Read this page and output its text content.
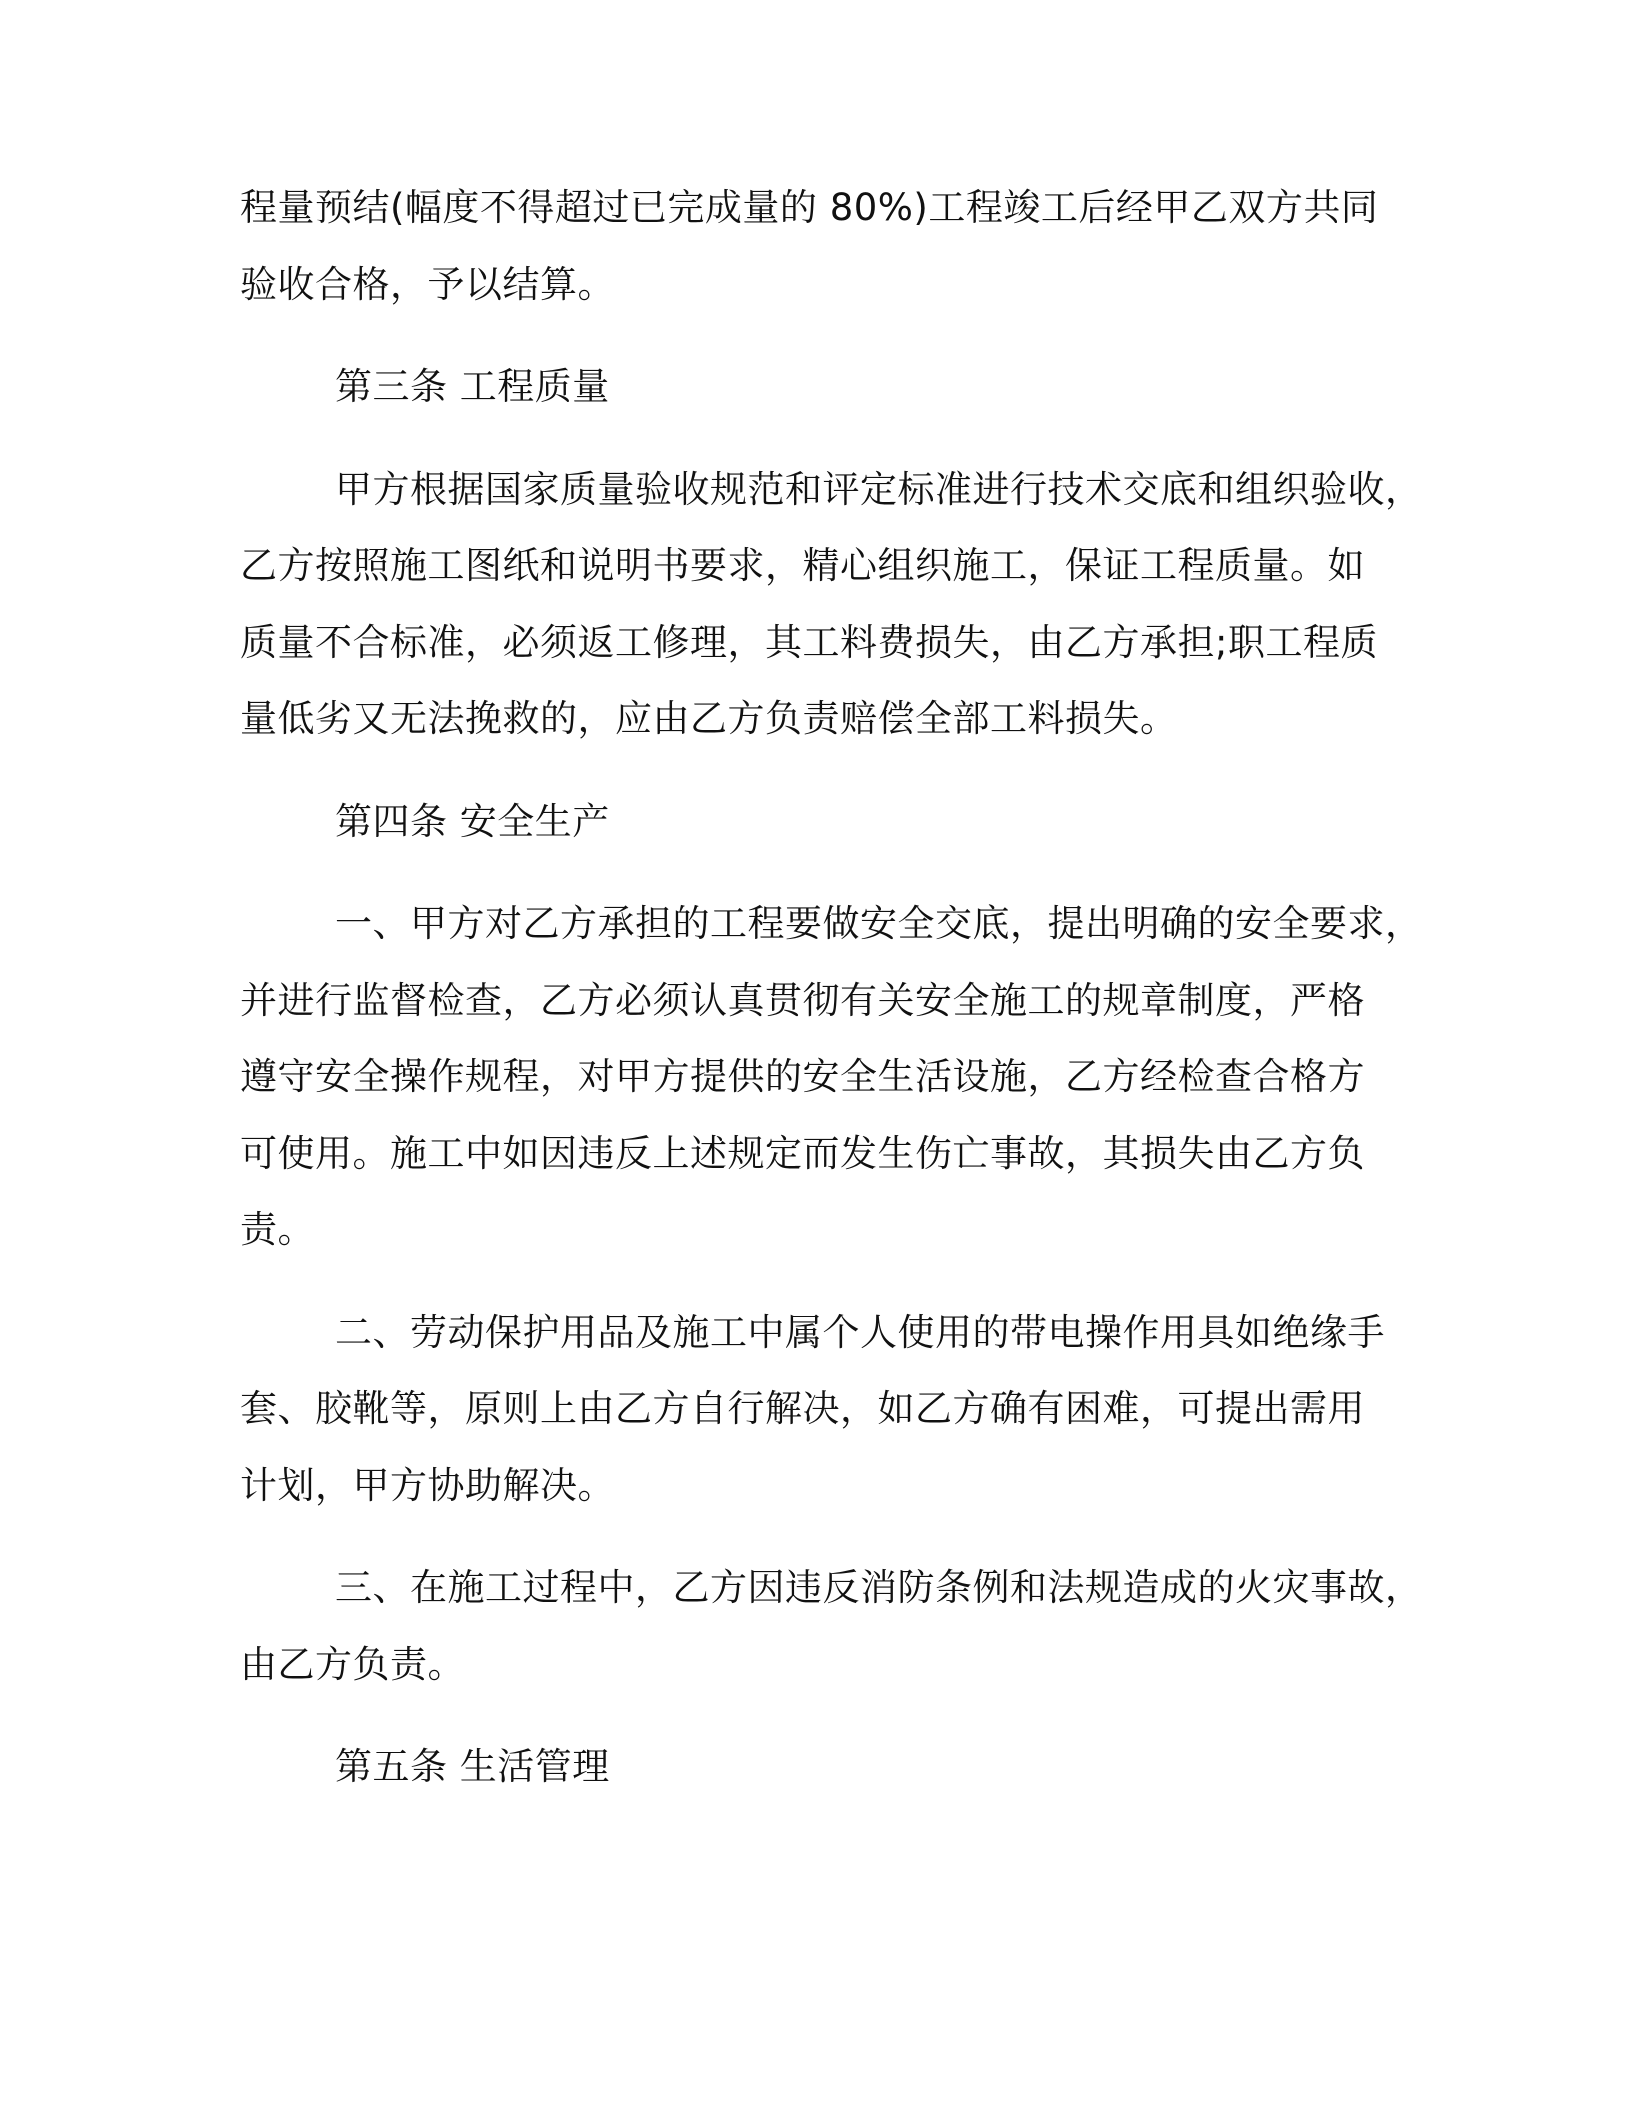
程量预结(幅度不得超过已完成量的 80%)工程竣工后经甲乙双方共同
验收合格，予以结算。
第三条 工程质量
甲方根据国家质量验收规范和评定标准进行技术交底和组织验收，
乙方按照施工图纸和说明书要求，精心组织施工，保证工程质量。如
质量不合标准，必须返工修理，其工料费损失，由乙方承担;职工程质
量低劣又无法挽救的，应由乙方负责赔偿全部工料损失。
第四条 安全生产
一、甲方对乙方承担的工程要做安全交底，提出明确的安全要求，
并进行监督检查，乙方必须认真贯彻有关安全施工的规章制度，严格
遵守安全操作规程，对甲方提供的安全生活设施，乙方经检查合格方
可使用。施工中如因违反上述规定而发生伤亡事故，其损失由乙方负
责。
二、劳动保护用品及施工中属个人使用的带电操作用具如绝缘手
套、胶靴等，原则上由乙方自行解决，如乙方确有困难，可提出需用
计划，甲方协助解决。
三、在施工过程中，乙方因违反消防条例和法规造成的火灾事故，
由乙方负责。
第五条 生活管理
